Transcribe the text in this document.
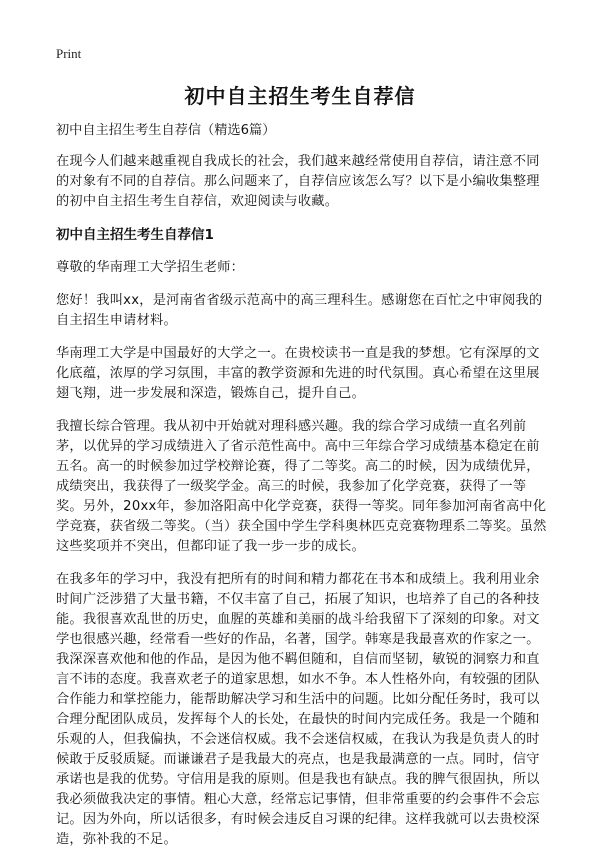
Print
初中自主招生考生自荐信

初中自主招生考生自荐信（精选6篇）

在现今人们越来越重视自我成长的社会，我们越来越经常使用自荐信，请注意不同的对象有不同的自荐信。那么问题来了，自荐信应该怎么写？以下是小编收集整理的初中自主招生考生自荐信，欢迎阅读与收藏。

初中自主招生考生自荐信1

尊敬的华南理工大学招生老师：

您好！我叫xx，是河南省省级示范高中的高三理科生。感谢您在百忙之中审阅我的自主招生申请材料。

华南理工大学是中国最好的大学之一。在贵校读书一直是我的梦想。它有深厚的文化底蕴，浓厚的学习氛围，丰富的教学资源和先进的时代氛围。真心希望在这里展翅飞翔，进一步发展和深造，锻炼自己，提升自己。

我擅长综合管理。我从初中开始就对理科感兴趣。我的综合学习成绩一直名列前茅，以优异的学习成绩进入了省示范性高中。高中三年综合学习成绩基本稳定在前五名。高一的时候参加过学校辩论赛，得了二等奖。高二的时候，因为成绩优异，成绩突出，我获得了一级奖学金。高三的时候，我参加了化学竞赛，获得了一等奖。另外，20xx年，参加洛阳高中化学竞赛，获得一等奖。同年参加河南省高中化学竞赛，获省级二等奖。（当）获全国中学生学科奥林匹克竞赛物理系二等奖。虽然这些奖项并不突出，但都印证了我一步一步的成长。

在我多年的学习中，我没有把所有的时间和精力都花在书本和成绩上。我利用业余时间广泛涉猎了大量书籍，不仅丰富了自己，拓展了知识，也培养了自己的各种技能。我很喜欢乱世的历史，血腥的英雄和美丽的战斗给我留下了深刻的印象。对文学也很感兴趣，经常看一些好的作品，名著，国学。韩寒是我最喜欢的作家之一。我深深喜欢他和他的作品，是因为他不羁但随和，自信而坚韧，敏锐的洞察力和直言不讳的态度。我喜欢老子的道家思想，如水不争。本人性格外向，有较强的团队合作能力和掌控能力，能帮助解决学习和生活中的问题。比如分配任务时，我可以合理分配团队成员，发挥每个人的长处，在最快的时间内完成任务。我是一个随和乐观的人，但我偏执，不会迷信权威。我不会迷信权威，在我认为我是负责人的时候敢于反驳质疑。而谦谦君子是我最大的亮点，也是我最满意的一点。同时，信守承诺也是我的优势。守信用是我的原则。但是我也有缺点。我的脾气很固执，所以我必须做我决定的事情。粗心大意，经常忘记事情，但非常重要的约会事件不会忘记。因为外向，所以话很多，有时候会违反自习课的纪律。这样我就可以去贵校深造，弥补我的不足。
